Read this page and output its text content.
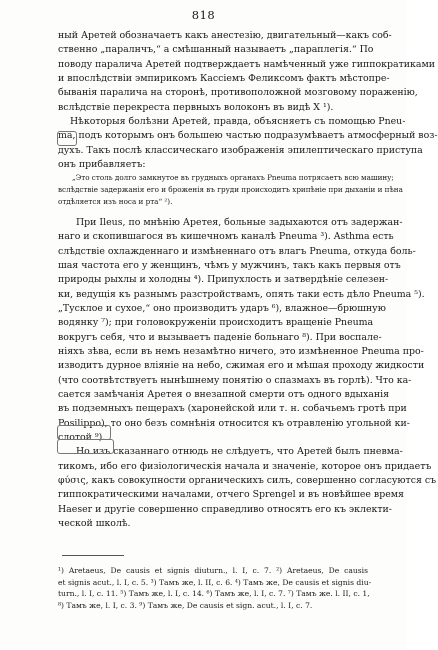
818
ный Аретей обозначаетъ какъ анестезію, двигательный—какъ соб-
ственно „паралнчъ,“ а смѣшанный называетъ „параплегія.“ По
поводу паралича Аретей подтверждаетъ намѣченный уже гиппократиками
и впослѣдствіи эмпирикомъ Кассіемъ Феликсомъ фактъ мѣстопре-
быванія паралича на сторонѣ, противоположной мозговому пораженію,
вслѣдствіе перекреста первныхъ волоконъ въ видѣ X ¹).
Нѣкоторыя болѣзни Аретей, правда, объясняетъ съ помощью Pneu-
ma, подъ которымъ онъ большею частью подразумѣваетъ атмосферный воз-
духъ. Такъ послѣ классическаго изображенія эпилептическаго приступа
онъ прибавляетъ:
„Это столь долго замкнутое въ грудныхъ органахъ Pneuma потрясаетъ всю машину;
вслѣдствіе задержанія его и броженія въ груди происходитъ хрипѣніе при дыханіи и пѣна
отдѣляется изъ носа и рта“ ²).
При Ileus, по мнѣнію Аретея, больные задыхаются отъ задержан-
наго и скопившагося въ кишечномъ каналѣ Pneuma ³). Asthma есть
слѣдствіе охлажденнаго и измѣненнаго отъ влагъ Pneuma, откуда боль-
шая частота его у женщинъ, чѣмъ у мужчинъ, такъ какъ первыя отъ
природы рыхлы и холодны ⁴). Припухлость и затвердѣніе селезен-
ки, ведущія къ разнымъ разстройствамъ, опять таки есть дѣло Pneuma ⁵).
„Тусклое и сухое,“ оно производитъ ударъ ⁶), влажное—брюшную
водянку ⁷); при головокруженіи происходитъ вращеніе Pneuma
вокругъ себя, что и вызываетъ паденіе больнаго ⁸). При воспале-
ніяхъ зѣва, если въ немъ незамѣтно ничего, это измѣненное Pneuma про-
изводитъ дурное вліяніе на небо, сжимая его и мѣшая проходу жидкости
(что соотвѣтствуетъ нынѣшнему понятію о спазмахъ въ горлѣ). Что ка-
сается замѣчанія Аретея о внезапной смерти отъ одного вдыханія
въ подземныхъ пещерахъ (харонейской или т. н. собачьемъ гротѣ при
Posilippo), то оно безъ сомнѣнія относится къ отравленію угольной ки-
слотой ⁹).
Но изъ сказаннаго отнюдь не слѣдуетъ, что Аретей былъ пневма-
тикомъ, ибо его физіологическія начала и значеніе, которое онъ придаетъ
φύσις, какъ совокупности органическихъ силъ, совершенно согласуются съ
гиппократическими началами, отчего Sprengel и въ новѣйшее время
Haeser и другіе совершенно справедливо относятъ его къ эклекти-
ческой школѣ.
¹) Aretaeus, De causis et signis diuturn., l. I, c. 7. ²) Aretaeus, De causis
et signis acut., l. I, c. 5. ³) Тамъ же, l. II, c. 6. ⁴) Тамъ же, De causis et signis diu-
turn., l. I, c. 11. ⁵) Тамъ же, l. I, c. 14. ⁶) Тамъ же, l. I, c. 7. ⁷) Тамъ же. l. II, c. 1,
⁸) Тамъ же, l. I, c. 3. ⁹) Тамъ же, De causis et sign. acut., l. I, c. 7.
